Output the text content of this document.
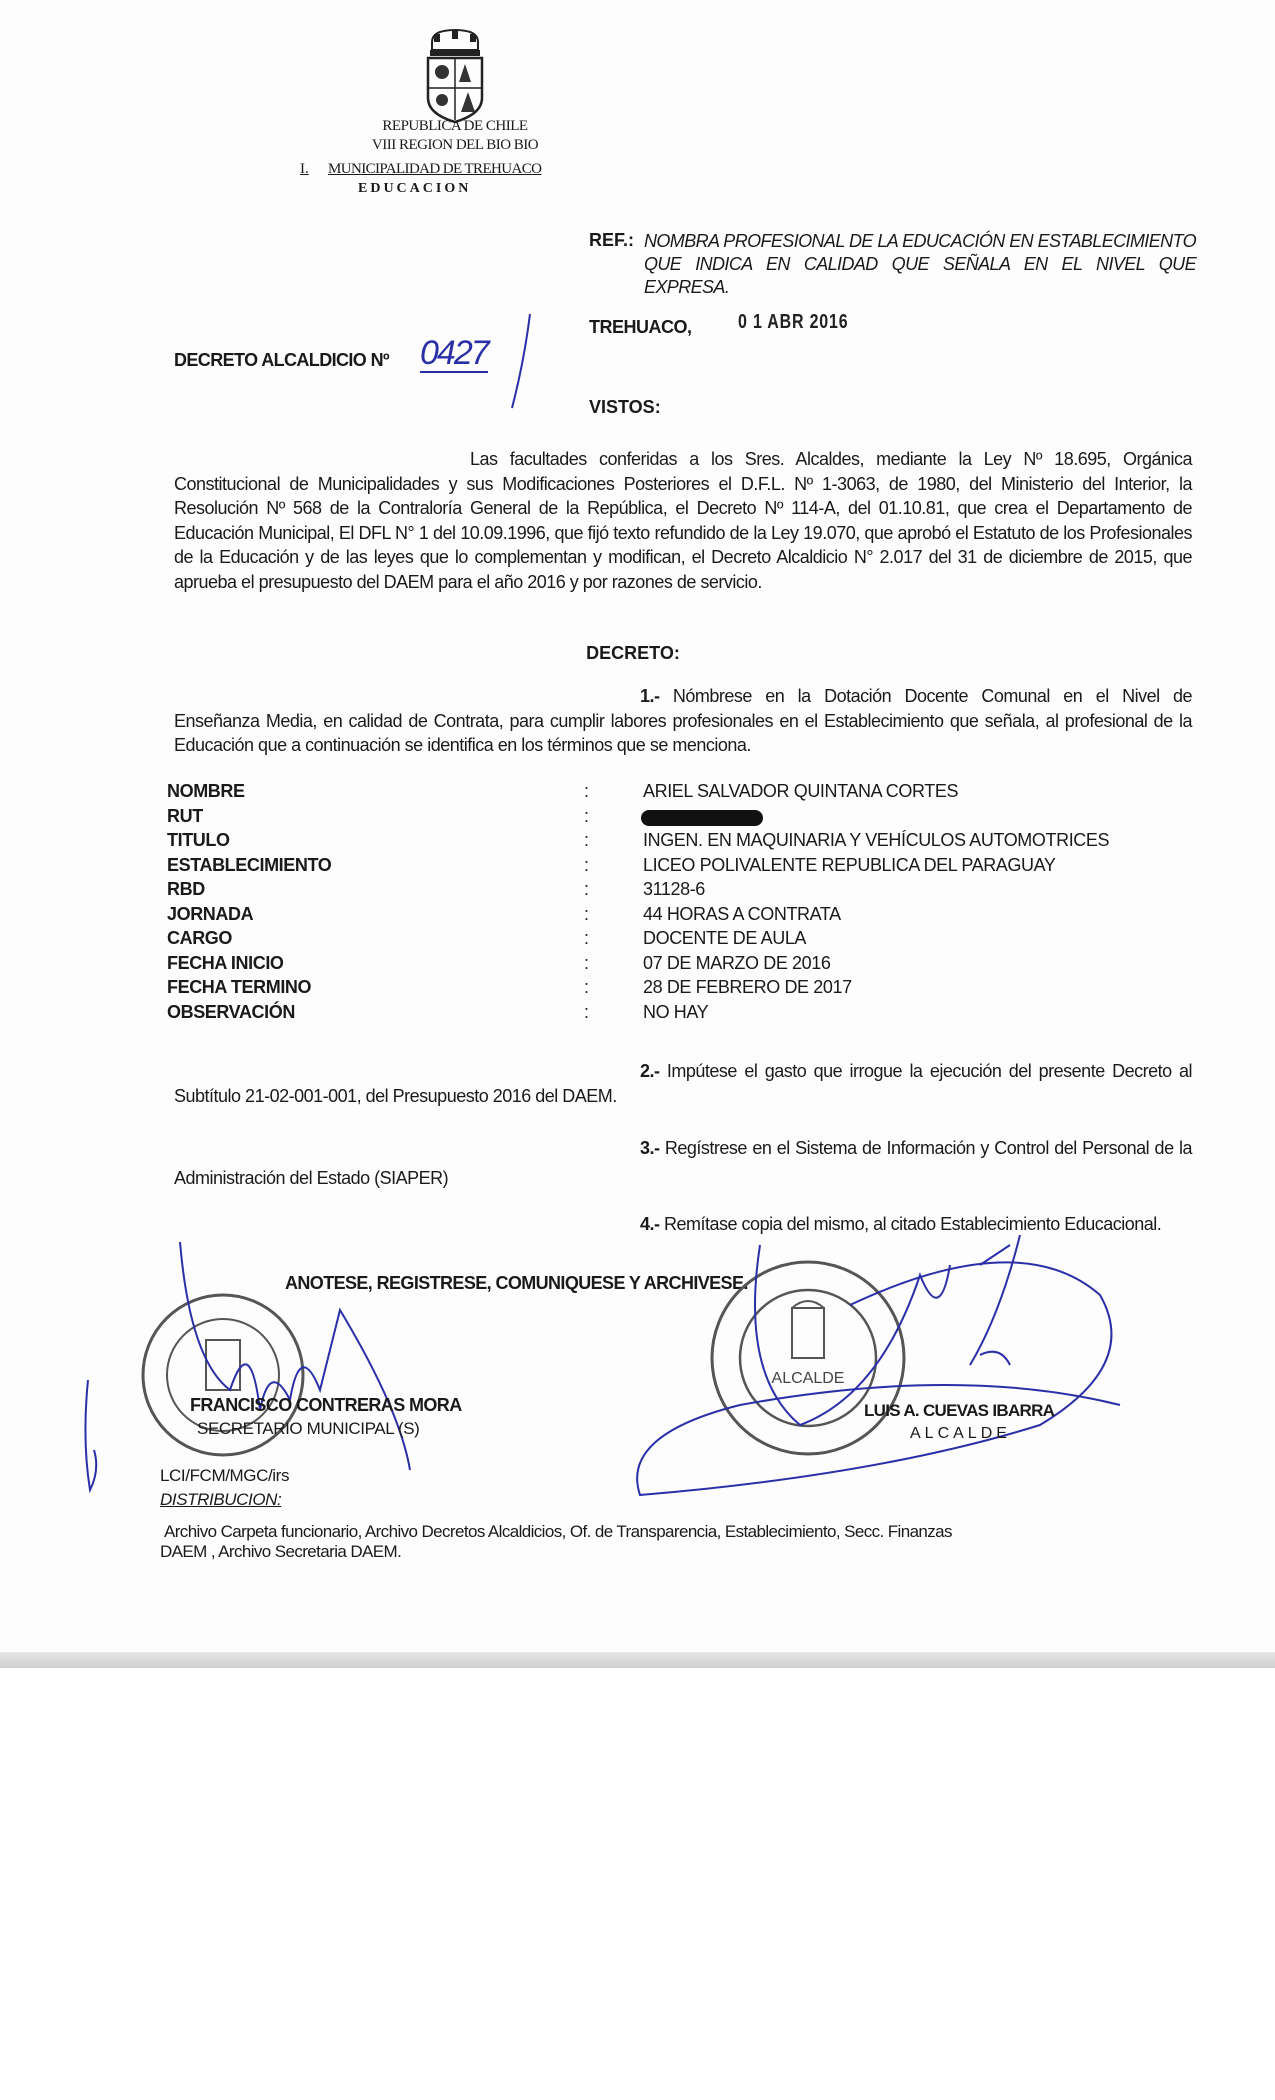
REPUBLICA DE CHILE
VIII REGION DEL BIO BIO
I. MUNICIPALIDAD DE TREHUACO
EDUCACION
REF.: NOMBRA PROFESIONAL DE LA EDUCACIÓN EN ESTABLECIMIENTO QUE INDICA EN CALIDAD QUE SEÑALA EN EL NIVEL QUE EXPRESA.
TREHUACO, 0 1 ABR 2016
DECRETO ALCALDICIO Nº 0427
VISTOS:
Las facultades conferidas a los Sres. Alcaldes, mediante la Ley Nº 18.695, Orgánica Constitucional de Municipalidades y sus Modificaciones Posteriores el D.F.L. Nº 1-3063, de 1980, del Ministerio del Interior, la Resolución Nº 568 de la Contraloría General de la República, el Decreto Nº 114-A, del 01.10.81, que crea el Departamento de Educación Municipal, El DFL N° 1 del 10.09.1996, que fijó texto refundido de la Ley 19.070, que aprobó el Estatuto de los Profesionales de la Educación y de las leyes que lo complementan y modifican, el Decreto Alcaldicio N° 2.017 del 31 de diciembre de 2015, que aprueba el presupuesto del DAEM para el año 2016 y por razones de servicio.
DECRETO:
1.- Nómbrese en la Dotación Docente Comunal en el Nivel de Enseñanza Media, en calidad de Contrata, para cumplir labores profesionales en el Establecimiento que señala, al profesional de la Educación que a continuación se identifica en los términos que se menciona.
NOMBRE	:	ARIEL SALVADOR QUINTANA CORTES
RUT	:
TITULO	:	INGEN. EN MAQUINARIA Y VEHÍCULOS AUTOMOTRICES
ESTABLECIMIENTO	:	LICEO POLIVALENTE REPUBLICA DEL PARAGUAY
RBD	:	31128-6
JORNADA	:	44 HORAS A CONTRATA
CARGO	:	DOCENTE DE AULA
FECHA INICIO	:	07 DE MARZO DE 2016
FECHA TERMINO	:	28 DE FEBRERO DE 2017
OBSERVACIÓN	:	NO HAY
2.- Impútese el gasto que irrogue la ejecución del presente Decreto al Subtítulo 21-02-001-001, del Presupuesto 2016 del DAEM.
3.- Regístrese en el Sistema de Información y Control del Personal de la Administración del Estado (SIAPER)
4.- Remítase copia del mismo, al citado Establecimiento Educacional.
ANOTESE, REGISTRESE, COMUNIQUESE Y ARCHIVESE.
ALCALDE
FRANCISCO CONTRERAS MORA
SECRETARIO MUNICIPAL (S)
LUIS A. CUEVAS IBARRA
ALCALDE
LCI/FCM/MGC/irs
DISTRIBUCION:
Archivo Carpeta funcionario, Archivo Decretos Alcaldicios, Of. de Transparencia, Establecimiento, Secc. Finanzas
DAEM , Archivo Secretaria DAEM.
